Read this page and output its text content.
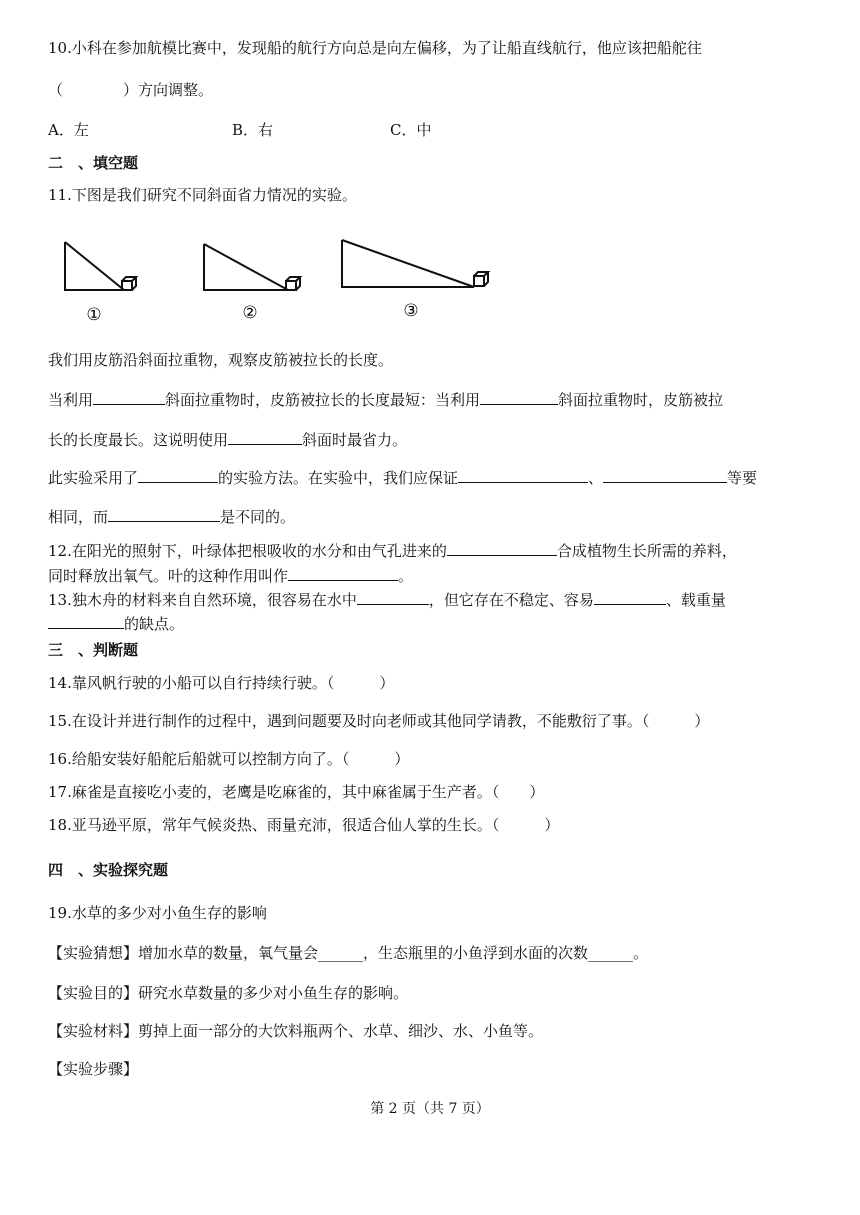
10.小科在参加航模比赛中，发现船的航行方向总是向左偏移，为了让船直线航行，他应该把船舵往
（　　　　）方向调整。
A．左	B．右	C．中
二　、填空题
11.下图是我们研究不同斜面省力情况的实验。
①	②	③
我们用皮筋沿斜面拉重物，观察皮筋被拉长的长度。
当利用	斜面拉重物时，皮筋被拉长的长度最短：当利用	斜面拉重物时，皮筋被拉
长的长度最长。这说明使用	斜面时最省力。
此实验采用了	的实验方法。在实验中，我们应保证	、	等要
相同，而	是不同的。
12.在阳光的照射下，叶绿体把根吸收的水分和由气孔进来的	合成植物生长所需的养料，
同时释放出氧气。叶的这种作用叫作	。
13.独木舟的材料来自自然环境，很容易在水中	，但它存在不稳定、容易	、载重量
的缺点。
三　、判断题
14.靠风帆行驶的小船可以自行持续行驶。（　　　）
15.在设计并进行制作的过程中，遇到问题要及时向老师或其他同学请教，不能敷衍了事。（　　　）
16.给船安装好船舵后船就可以控制方向了。（　　　）
17.麻雀是直接吃小麦的，老鹰是吃麻雀的，其中麻雀属于生产者。（　　）
18.亚马逊平原，常年气候炎热、雨量充沛，很适合仙人掌的生长。（　　　）
四　、实验探究题
19.水草的多少对小鱼生存的影响
【实验猜想】增加水草的数量，氧气量会______，生态瓶里的小鱼浮到水面的次数______。
【实验目的】研究水草数量的多少对小鱼生存的影响。
【实验材料】剪掉上面一部分的大饮料瓶两个、水草、细沙、水、小鱼等。
【实验步骤】
第 2 页（共 7 页）
